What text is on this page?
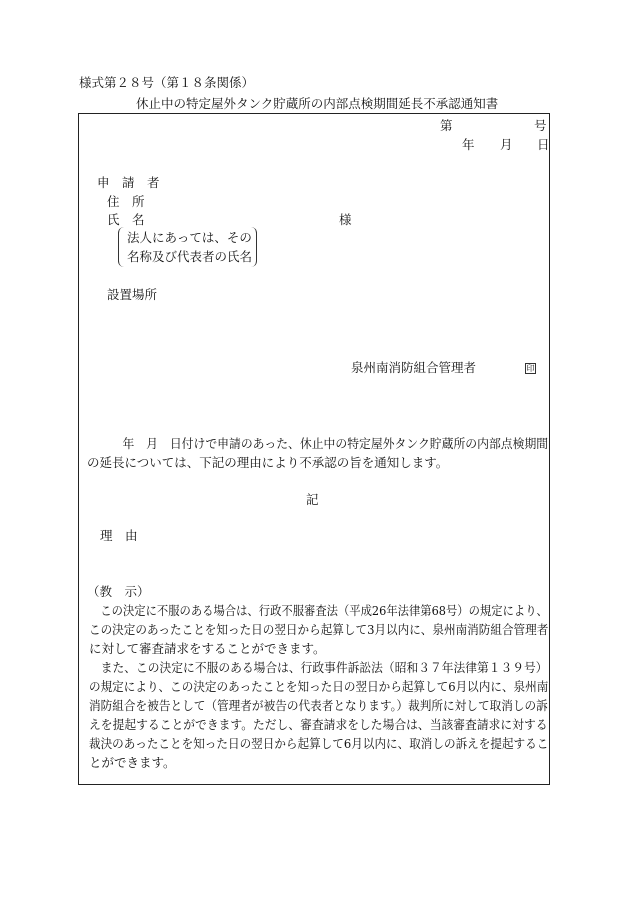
様式第２８号（第１８条関係）
休止中の特定屋外タンク貯蔵所の内部点検期間延長不承認通知書
第	号
年 月 日
申　請　者
住　所
氏　名	様
法人にあっては、その
名称及び代表者の氏名
設置場所
泉州南消防組合管理者	印
　　　年　月　日付けで申請のあった、休止中の特定屋外タンク貯蔵所の内部点検期間
の延長については、下記の理由により不承認の旨を通知します。
記
理　由
（教　示）
　この決定に不服のある場合は、行政不服審査法（平成26年法律第68号）の規定により、
この決定のあったことを知った日の翌日から起算して3月以内に、泉州南消防組合管理者
に対して審査請求をすることができます。
　また、この決定に不服のある場合は、行政事件訴訟法（昭和３７年法律第１３９号）
の規定により、この決定のあったことを知った日の翌日から起算して6月以内に、泉州南
消防組合を被告として（管理者が被告の代表者となります。）裁判所に対して取消しの訴
えを提起することができます。ただし、審査請求をした場合は、当該審査請求に対する
裁決のあったことを知った日の翌日から起算して6月以内に、取消しの訴えを提起するこ
とができます。
